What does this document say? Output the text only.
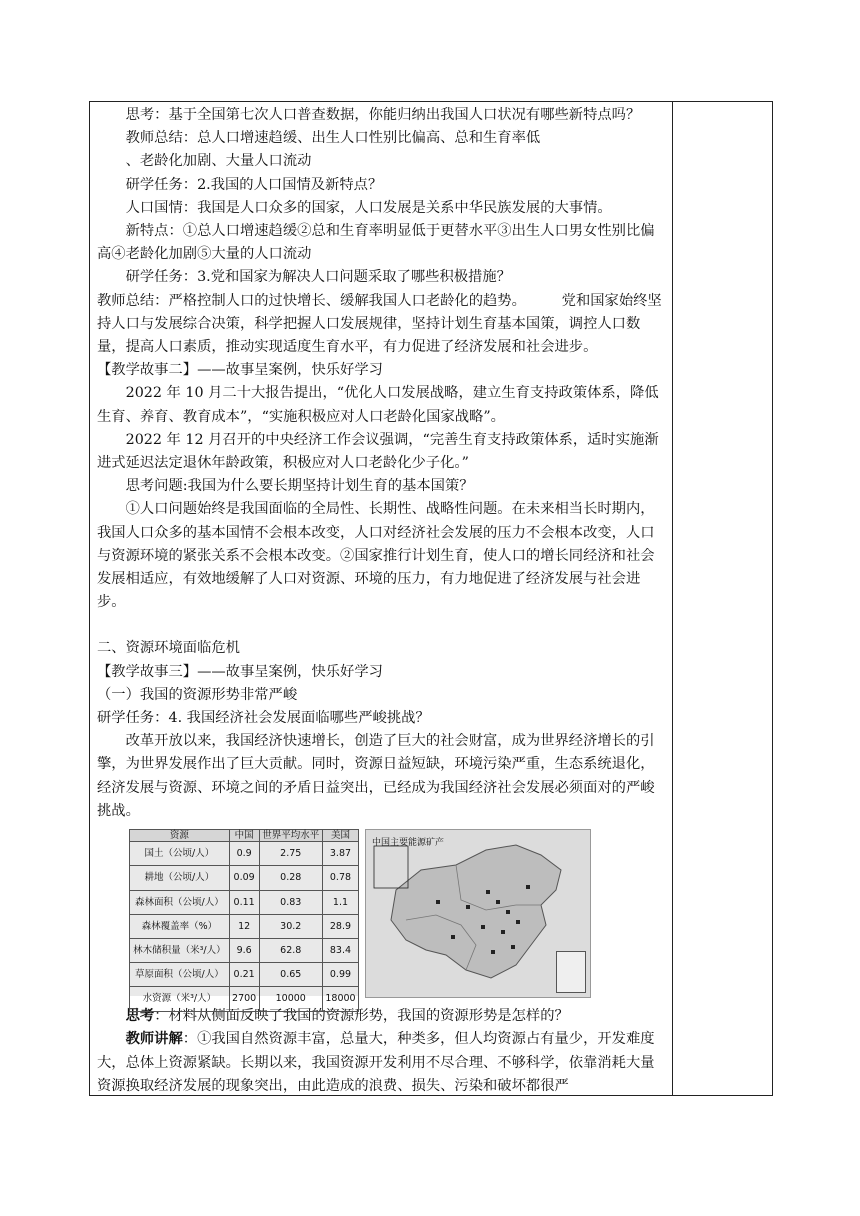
思考：基于全国第七次人口普查数据，你能归纳出我国人口状况有哪些新特点吗？

教师总结：总人口增速趋缓、出生人口性别比偏高、总和生育率低

、老龄化加剧、大量人口流动

研学任务：2.我国的人口国情及新特点？

人口国情：我国是人口众多的国家，人口发展是关系中华民族发展的大事情。

新特点：①总人口增速趋缓②总和生育率明显低于更替水平③出生人口男女性别比偏高④老龄化加剧⑤大量的人口流动

研学任务：3.党和国家为解决人口问题采取了哪些积极措施？

教师总结：严格控制人口的过快增长、缓解我国人口老龄化的趋势。　　　党和国家始终坚持人口与发展综合决策，科学把握人口发展规律，坚持计划生育基本国策，调控人口数量，提高人口素质，推动实现适度生育水平，有力促进了经济发展和社会进步。

【教学故事二】——故事呈案例，快乐好学习

2022 年 10 月二十大报告提出，“优化人口发展战略，建立生育支持政策体系，降低生育、养育、教育成本”，“实施积极应对人口老龄化国家战略”。

2022 年 12 月召开的中央经济工作会议强调，“完善生育支持政策体系，适时实施渐进式延迟法定退休年龄政策，积极应对人口老龄化少子化。”

思考问题:我国为什么要长期坚持计划生育的基本国策？

①人口问题始终是我国面临的全局性、长期性、战略性问题。在未来相当长时期内，我国人口众多的基本国情不会根本改变，人口对经济社会发展的压力不会根本改变，人口与资源环境的紧张关系不会根本改变。②国家推行计划生育，使人口的增长同经济和社会发展相适应，有效地缓解了人口对资源、环境的压力，有力地促进了经济发展与社会进步。

二、资源环境面临危机

【教学故事三】——故事呈案例，快乐好学习

（一）我国的资源形势非常严峻

研学任务：4. 我国经济社会发展面临哪些严峻挑战？

改革开放以来，我国经济快速增长，创造了巨大的社会财富，成为世界经济增长的引擎，为世界发展作出了巨大贡献。同时，资源日益短缺，环境污染严重，生态系统退化，经济发展与资源、环境之间的矛盾日益突出，已经成为我国经济社会发展必须面对的严峻挑战。

资源	中国	世界平均水平	美国
国土（公顷/人）	0.9	2.75	3.87
耕地（公顷/人）	0.09	0.28	0.78
森林面积（公顷/人）	0.11	0.83	1.1
森林覆盖率（%）	12	30.2	28.9
林木储积量（米³/人）	9.6	62.8	83.4
草原面积（公顷/人）	0.21	0.65	0.99
水资源（米³/人）	2700	10000	18000
中国主要能源矿产

思考：材料从侧面反映了我国的资源形势，我国的资源形势是怎样的？

教师讲解：①我国自然资源丰富，总量大，种类多，但人均资源占有量少，开发难度大，总体上资源紧缺。长期以来，我国资源开发利用不尽合理、不够科学，依靠消耗大量资源换取经济发展的现象突出，由此造成的浪费、损失、污染和破坏都很严
